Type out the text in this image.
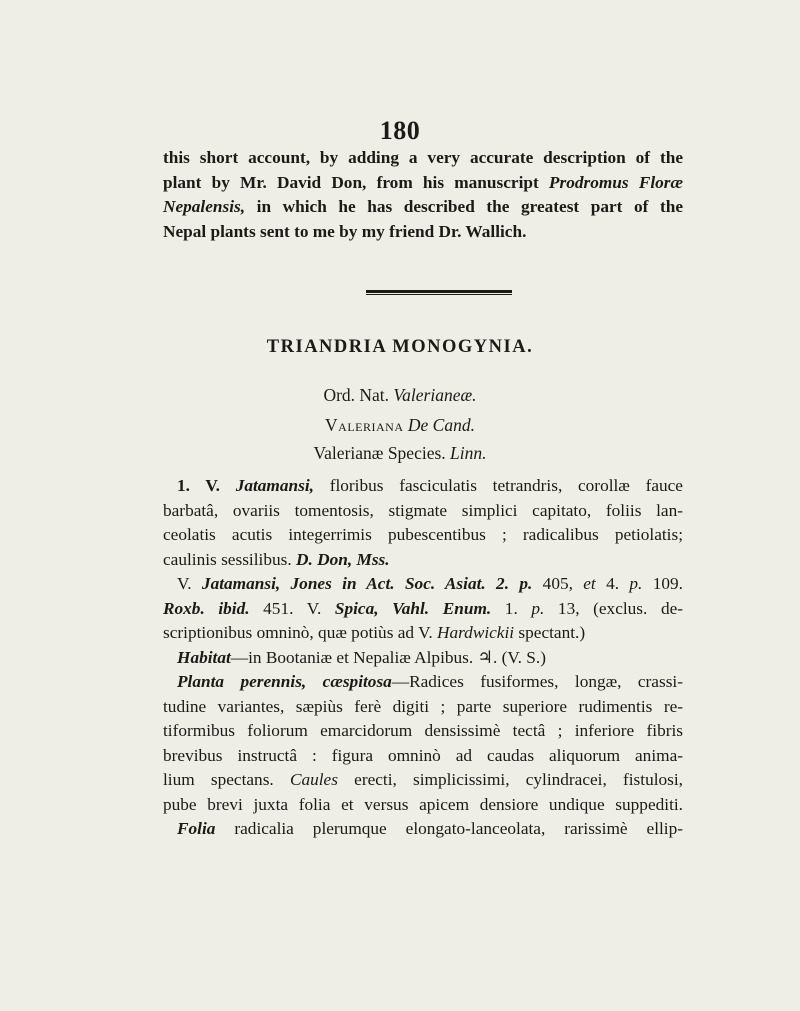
180
this short account, by adding a very accurate description of the
plant by Mr. David Don, from his manuscript Prodromus Floræ
Nepalensis, in which he has described the greatest part of the
Nepal plants sent to me by my friend Dr. Wallich.
TRIANDRIA MONOGYNIA.
Ord. Nat. Valerianeæ.
Valeriana De Cand.
Valerianæ Species. Linn.
1. V. Jatamansi, floribus fasciculatis tetrandris, corollæ fauce
barbatâ, ovariis tomentosis, stigmate simplici capitato, foliis lan-
ceolatis acutis integerrimis pubescentibus ; radicalibus petiolatis;
caulinis sessilibus. D. Don, Mss.
V. Jatamansi, Jones in Act. Soc. Asiat. 2. p. 405, et 4. p. 109.
Roxb. ibid. 451. V. Spica, Vahl. Enum. 1. p. 13, (exclus. de-
scriptionibus omninò, quæ potiùs ad V. Hardwickii spectant.)
Habitat—in Bootaniæ et Nepaliæ Alpibus. ♃. (V. S.)
Planta perennis, cæspitosa—Radices fusiformes, longæ, crassi-
tudine variantes, sæpiùs ferè digiti ; parte superiore rudimentis re-
tiformibus foliorum emarcidorum densissimè tectâ ; inferiore fibris
brevibus instructâ : figura omninò ad caudas aliquorum anima-
lium spectans. Caules erecti, simplicissimi, cylindracei, fistulosi,
pube brevi juxta folia et versus apicem densiore undique suppediti.
Folia radicalia plerumque elongato-lanceolata, rarissimè ellip-
